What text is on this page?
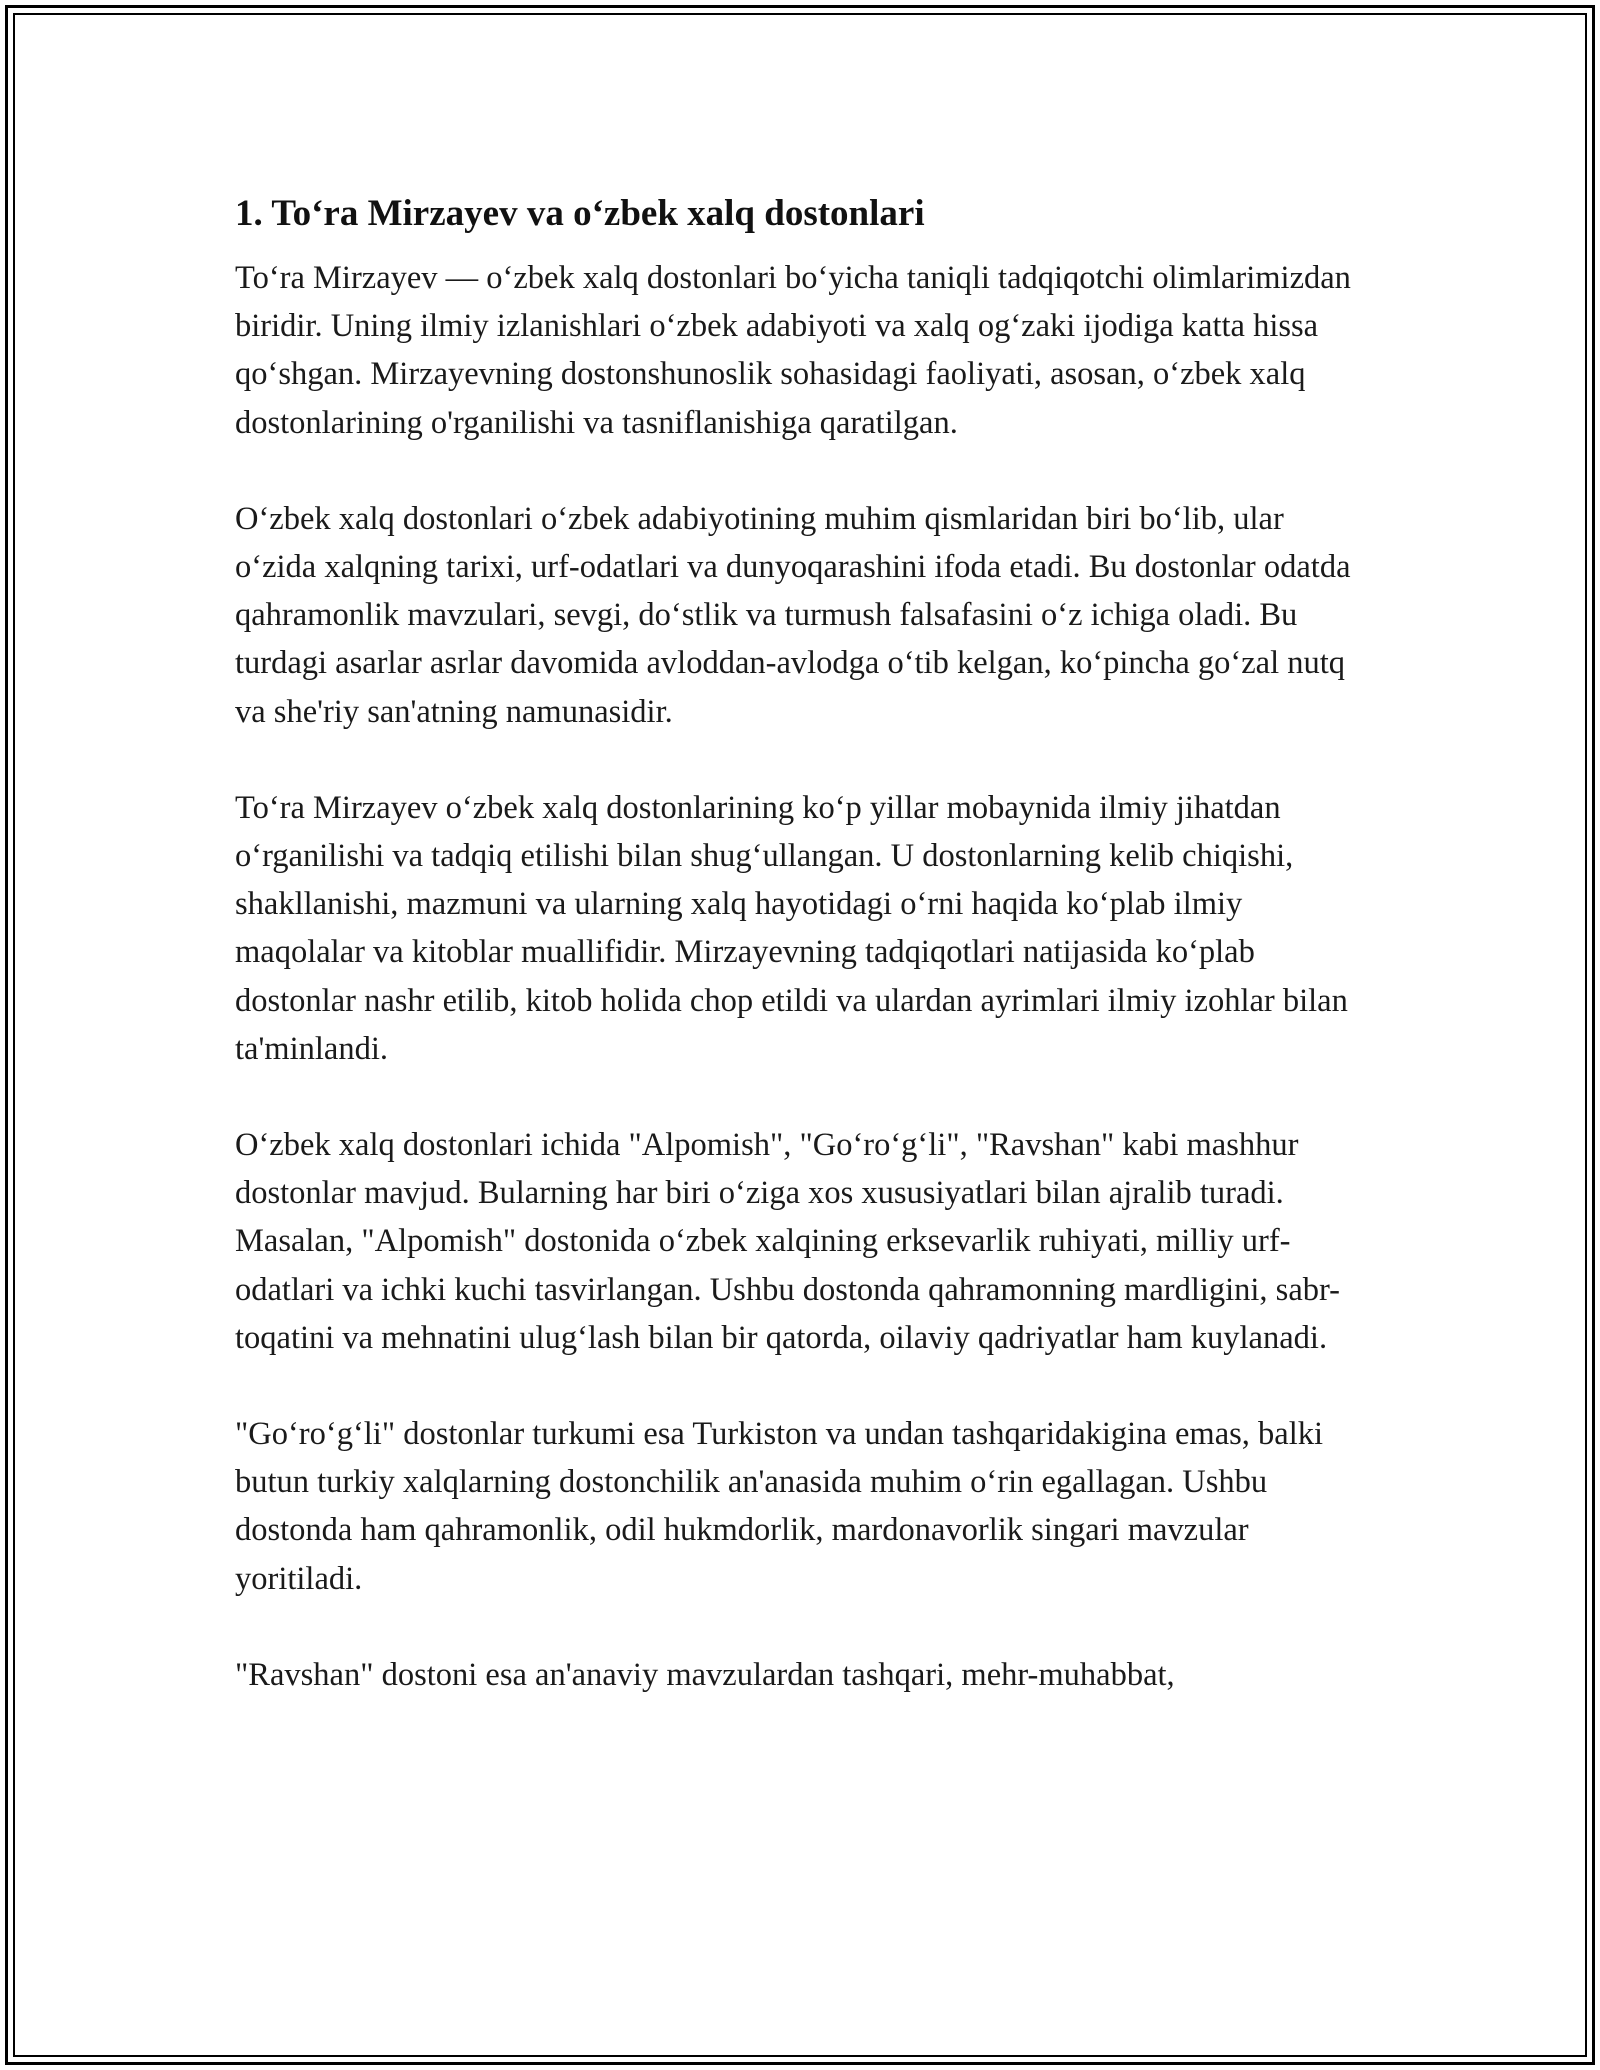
1. To‘ra Mirzayev va o‘zbek xalq dostonlari

To‘ra Mirzayev — o‘zbek xalq dostonlari bo‘yicha taniqli tadqiqotchi olimlarimizdan biridir. Uning ilmiy izlanishlari o‘zbek adabiyoti va xalq og‘zaki ijodiga katta hissa qo‘shgan. Mirzayevning dostonshunoslik sohasidagi faoliyati, asosan, o‘zbek xalq dostonlarining o'rganilishi va tasniflanishiga qaratilgan.

O‘zbek xalq dostonlari o‘zbek adabiyotining muhim qismlaridan biri bo‘lib, ular o‘zida xalqning tarixi, urf-odatlari va dunyoqarashini ifoda etadi. Bu dostonlar odatda qahramonlik mavzulari, sevgi, do‘stlik va turmush falsafasini o‘z ichiga oladi. Bu turdagi asarlar asrlar davomida avloddan-avlodga o‘tib kelgan, ko‘pincha go‘zal nutq va she'riy san'atning namunasidir.

To‘ra Mirzayev o‘zbek xalq dostonlarining ko‘p yillar mobaynida ilmiy jihatdan o‘rganilishi va tadqiq etilishi bilan shug‘ullangan. U dostonlarning kelib chiqishi, shakllanishi, mazmuni va ularning xalq hayotidagi o‘rni haqida ko‘plab ilmiy maqolalar va kitoblar muallifidir. Mirzayevning tadqiqotlari natijasida ko‘plab dostonlar nashr etilib, kitob holida chop etildi va ulardan ayrimlari ilmiy izohlar bilan ta'minlandi.

O‘zbek xalq dostonlari ichida "Alpomish", "Go‘ro‘g‘li", "Ravshan" kabi mashhur dostonlar mavjud. Bularning har biri o‘ziga xos xususiyatlari bilan ajralib turadi. Masalan, "Alpomish" dostonida o‘zbek xalqining erksevarlik ruhiyati, milliy urf-odatlari va ichki kuchi tasvirlangan. Ushbu dostonda qahramonning mardligini, sabr-toqatini va mehnatini ulug‘lash bilan bir qatorda, oilaviy qadriyatlar ham kuylanadi.

"Go‘ro‘g‘li" dostonlar turkumi esa Turkiston va undan tashqaridakigina emas, balki butun turkiy xalqlarning dostonchilik an'anasida muhim o‘rin egallagan. Ushbu dostonda ham qahramonlik, odil hukmdorlik, mardonavorlik singari mavzular yoritiladi.

"Ravshan" dostoni esa an'anaviy mavzulardan tashqari, mehr-muhabbat,
